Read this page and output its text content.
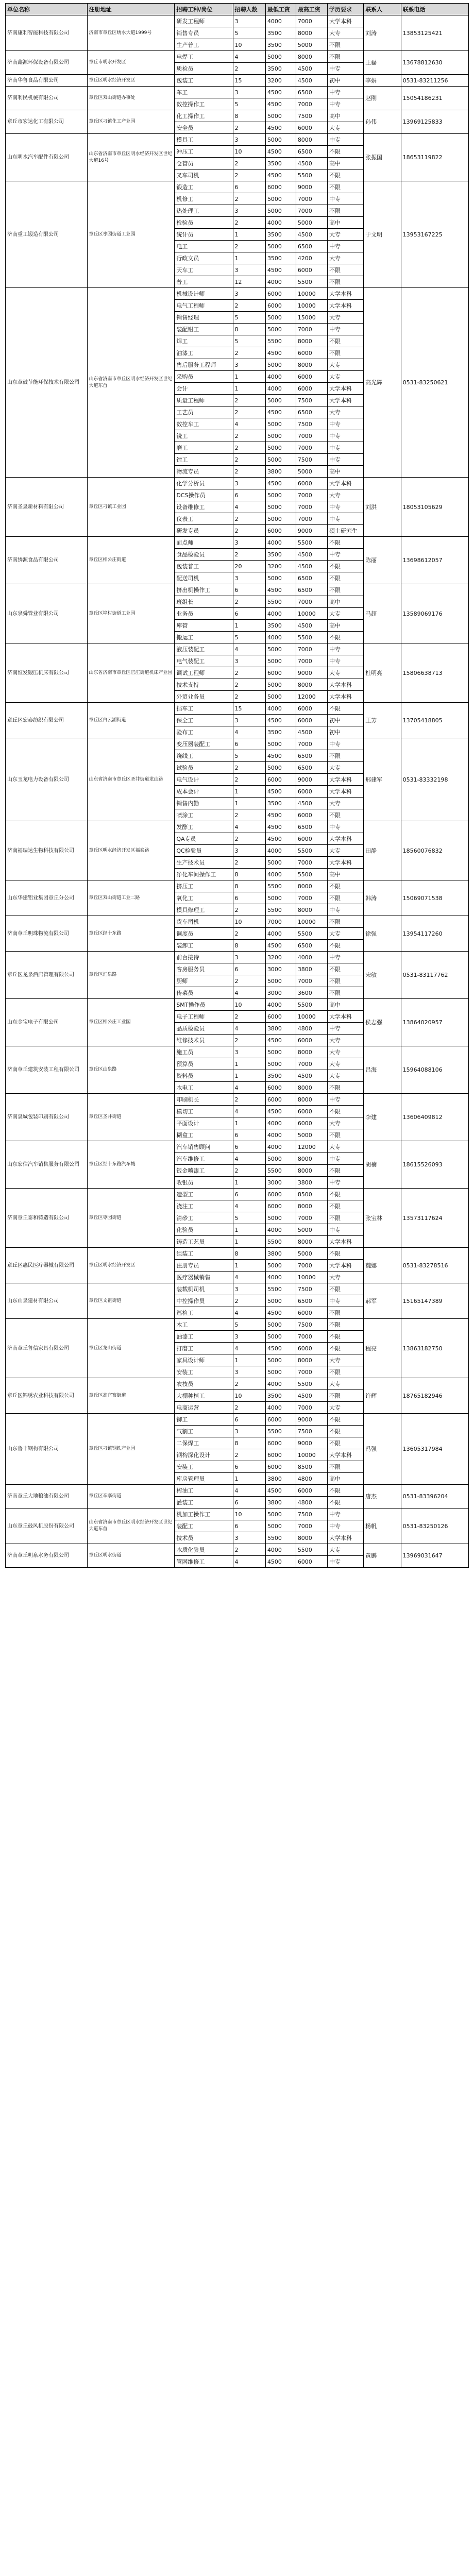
单位名称	注册地址	招聘工种/岗位	招聘人数	最低工资	最高工资	学历要求	联系人	联系电话
济南康利智能科技有限公司	济南市章丘区绣水大道1999号	研发工程师	3	4000	7000	大学本科	刘涛	13853125421
		销售专员	5	3500	8000	大专		
		生产普工	10	3500	5000	不限		
济南鑫源环保设备有限公司	章丘市明水开发区	电焊工	4	5000	8000	不限	王磊	13678812630
		质检员	2	3500	4500	中专		
济南华鲁食品有限公司	章丘区明水经济开发区	包装工	15	3200	4500	初中	李娟	0531-83211256
济南利民机械有限公司	章丘区双山街道办事处	车工	3	4500	6500	中专	赵刚	15054186231
		数控操作工	5	4500	7000	中专		
章丘市宏达化工有限公司	章丘区刁镇化工产业园	化工操作工	8	5000	7500	高中	孙伟	13969125833
		安全员	2	4500	6000	大专		
山东明水汽车配件有限公司	山东省济南市章丘区明水经济开发区世纪大道16号	模具工	3	5000	8000	中专	张振国	18653119822
		冲压工	10	4500	6500	不限		
		仓管员	2	3500	4500	高中		
		叉车司机	2	4500	5500	不限		
济南重工锻造有限公司	章丘区枣园街道工业园	锻造工	6	6000	9000	不限	于文明	13953167225
		机修工	2	5000	7000	中专		
		热处理工	3	5000	7000	不限		
		检验员	2	4000	5000	高中		
		统计员	1	3500	4500	大专		
		电工	2	5000	6500	中专		
		行政文员	1	3500	4200	大专		
		天车工	3	4500	6000	不限		
		普工	12	4000	5500	不限		
山东章鼓节能环保技术有限公司	山东省济南市章丘区明水经济开发区世纪大道东首	机械设计师	3	6000	10000	大学本科	高光辉	0531-83250621
		电气工程师	2	6000	10000	大学本科		
		销售经理	5	5000	15000	大专		
		装配钳工	8	5000	7000	中专		
		焊工	5	5500	8000	不限		
		油漆工	2	4500	6000	不限		
		售后服务工程师	3	5000	8000	大专		
		采购员	1	4000	6000	大专		
		会计	1	4000	6000	大学本科		
		质量工程师	2	5000	7500	大学本科		
		工艺员	2	4500	6500	大专		
		数控车工	4	5000	7500	中专		
		铣工	2	5000	7000	中专		
		磨工	2	5000	7000	中专		
		镗工	2	5000	7500	中专		
		物流专员	2	3800	5000	高中		
济南圣泉新材料有限公司	章丘区刁镇工业园	化学分析员	3	4500	6000	大学本科	刘洪	18053105629
		DCS操作员	6	5000	7000	大专		
		设备维修工	4	5000	7000	中专		
		仪表工	2	5000	7000	中专		
		研发专员	2	6000	9000	硕士研究生		
济南绣源食品有限公司	章丘区相公庄街道	面点师	3	4000	5500	不限	陈丽	13698612057
		食品检验员	2	3500	4500	中专		
		包装普工	20	3200	4500	不限		
		配送司机	3	5000	6500	不限		
山东泉舜管业有限公司	章丘区埠村街道工业园	挤出机操作工	6	4500	6500	不限	马超	13589069176
		班组长	2	5500	7000	高中		
		业务员	6	4000	10000	大专		
		库管	1	3500	4500	高中		
		搬运工	5	4000	5500	不限		
济南恒发锻压机床有限公司	山东省济南市章丘区官庄街道机床产业园	液压装配工	4	5000	7000	中专	杜明亮	15806638713
		电气装配工	3	5000	7000	中专		
		调试工程师	2	6000	9000	大专		
		技术支持	2	5000	8000	大学本科		
		外贸业务员	2	5000	12000	大学本科		
章丘区宏泰纺织有限公司	章丘区白云湖街道	挡车工	15	4000	6000	不限	王芳	13705418805
		保全工	3	4500	6000	初中		
		验布工	4	3500	4500	初中		
山东玉龙电力设备有限公司	山东省济南市章丘区圣井街道龙山路	变压器装配工	6	5000	7000	中专	邢建军	0531-83332198
		绕线工	5	4500	6500	不限		
		试验员	2	5000	6500	大专		
		电气设计	2	6000	9000	大学本科		
		成本会计	1	4500	6000	大学本科		
		销售内勤	1	3500	4500	大专		
		喷涂工	2	4500	6000	不限		
济南福瑞达生物科技有限公司	章丘区明水经济开发区福泰路	发酵工	4	4500	6500	中专	田静	18560076832
		QA专员	2	4500	6000	大学本科		
		QC检验员	3	4000	5500	大专		
		生产技术员	2	5000	7000	大学本科		
		净化车间操作工	8	4000	5500	高中		
山东华建铝业集团章丘分公司	章丘区双山街道工业二路	挤压工	8	5500	8000	不限	韩涛	15069071538
		氧化工	6	5000	7000	不限		
		模具修理工	2	5500	8000	中专		
济南章丘明珠物流有限公司	章丘区经十东路	货车司机	10	7000	10000	不限	徐强	13954117260
		调度员	2	4000	5500	大专		
		装卸工	8	4500	6500	不限		
章丘区龙泉酒店管理有限公司	章丘区汇泉路	前台接待	3	3200	4000	中专	宋敏	0531-83117762
		客房服务员	6	3000	3800	不限		
		厨师	2	5000	7000	不限		
		传菜员	4	3000	3600	不限		
山东金宝电子有限公司	章丘区相公庄工业园	SMT操作员	10	4000	5500	高中	侯志强	13864020957
		电子工程师	2	6000	10000	大学本科		
		品质检验员	4	3800	4800	中专		
		维修技术员	2	4500	6000	大专		
济南章丘建筑安装工程有限公司	章丘区山泉路	施工员	3	5000	8000	大专	吕海	15964088106
		预算员	1	5000	7000	大专		
		资料员	1	3500	4500	大专		
		水电工	4	6000	8000	不限		
济南泉城包装印刷有限公司	章丘区圣井街道	印刷机长	2	6000	8000	中专	李建	13606409812
		模切工	4	4500	6000	不限		
		平面设计	1	4000	6000	大专		
		糊盒工	6	4000	5000	不限		
山东宏信汽车销售服务有限公司	章丘区经十东路汽车城	汽车销售顾问	6	4000	12000	大专	胡楠	18615526093
		汽车维修工	4	5000	8000	中专		
		钣金喷漆工	2	5500	8000	不限		
		收银员	1	3000	3800	中专		
济南章丘泰和铸造有限公司	章丘区枣园街道	造型工	6	6000	8500	不限	张宝林	13573117624
		浇注工	4	6000	8000	不限		
		清砂工	5	5000	7000	不限		
		化验员	1	4000	5000	中专		
		铸造工艺员	1	5500	8000	大学本科		
章丘区惠民医疗器械有限公司	章丘区明水经济开发区	组装工	8	3800	5000	不限	魏娜	0531-83278516
		注册专员	1	5000	7000	大学本科		
		医疗器械销售	4	4000	10000	大专		
山东山泉建材有限公司	章丘区文祖街道	装载机司机	3	5500	7500	不限	郝军	15165147389
		中控操作员	2	5000	6500	中专		
		巡检工	4	4500	6000	不限		
济南章丘鲁信家具有限公司	章丘区龙山街道	木工	5	5000	7500	不限	程亮	13863182750
		油漆工	3	5000	7000	不限		
		打磨工	4	4500	6000	不限		
		家具设计师	1	5000	8000	大专		
		安装工	3	5000	7000	不限		
章丘区锦绣农业科技有限公司	章丘区高官寨街道	农技员	2	4000	5500	大专	许辉	18765182946
		大棚种植工	10	3500	4500	不限		
		电商运营	2	4000	7000	大专		
山东鲁丰钢构有限公司	章丘区刁镇钢铁产业园	铆工	6	6000	9000	不限	冯强	13605317984
		气割工	3	5500	7500	不限		
		二保焊工	8	6000	9000	不限		
		钢构深化设计	2	6000	10000	大学本科		
		安装工	6	6000	8500	不限		
		库房管理员	1	3800	4800	高中		
济南章丘大地粮油有限公司	章丘区辛寨街道	榨油工	4	4500	6000	不限	唐杰	0531-83396204
		灌装工	6	3800	4800	不限		
山东章丘鼓风机股份有限公司	山东省济南市章丘区明水经济开发区世纪大道东首	机加工操作工	10	5000	7500	中专	杨帆	0531-83250126
		装配工	6	5000	7000	中专		
		技术员	3	5500	8000	大学本科		
济南章丘明泉水务有限公司	章丘区明水街道	水质化验员	2	4000	5500	大专	黄鹏	13969031647
		管网维修工	4	4500	6000	中专		
